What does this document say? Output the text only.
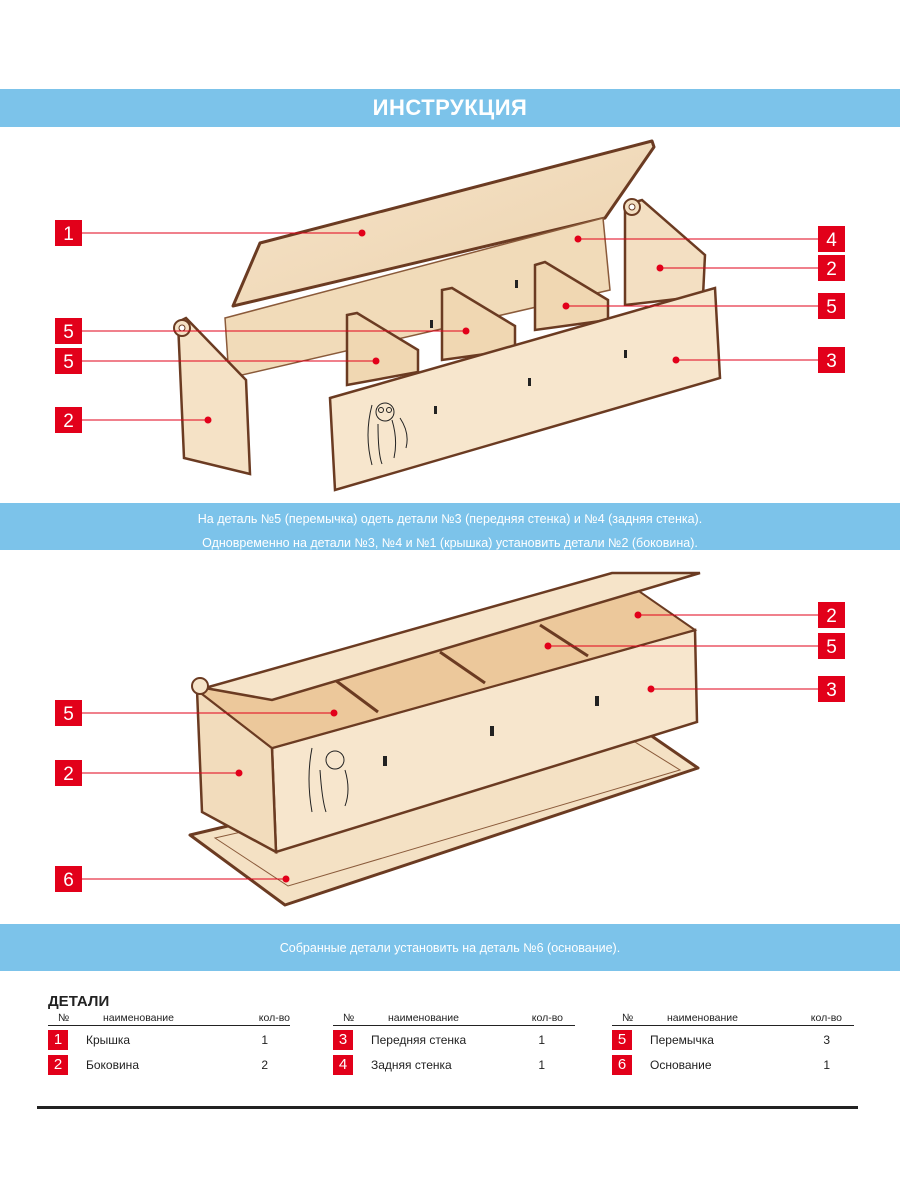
ИНСТРУКЦИЯ
1
5
5
2
4
2
5
3
На деталь №5 (перемычка) одеть детали №3 (передняя стенка) и №4 (задняя стенка).
Одновременно на детали №3, №4 и №1 (крышка) установить детали №2 (боковина).
5
2
6
2
5
3
Собранные детали установить на деталь №6 (основание).
ДЕТАЛИ
№	наименование	кол-во
1	Крышка	1
2	Боковина	2
№	наименование	кол-во
3	Передняя стенка	1
4	Задняя стенка	1
№	наименование	кол-во
5	Перемычка	3
6	Основание	1
